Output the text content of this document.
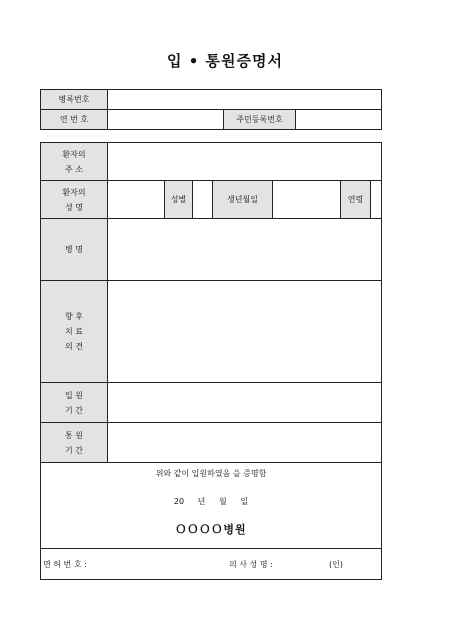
입 • 통원증명서
병록번호			
연 번 호		주민등록번호	
환자의
주 소							

환자의
성 명		성별		생년월일		연령	
병 명							

향 후
치 료
의 견							

입 원
기 간							

통 원
기 간							

위와 같이 입원하였음 을 증명함
20   년   월   일
ＯＯＯＯ병원							

면 허 번 호 : 의 사 성 명 : (인)							
